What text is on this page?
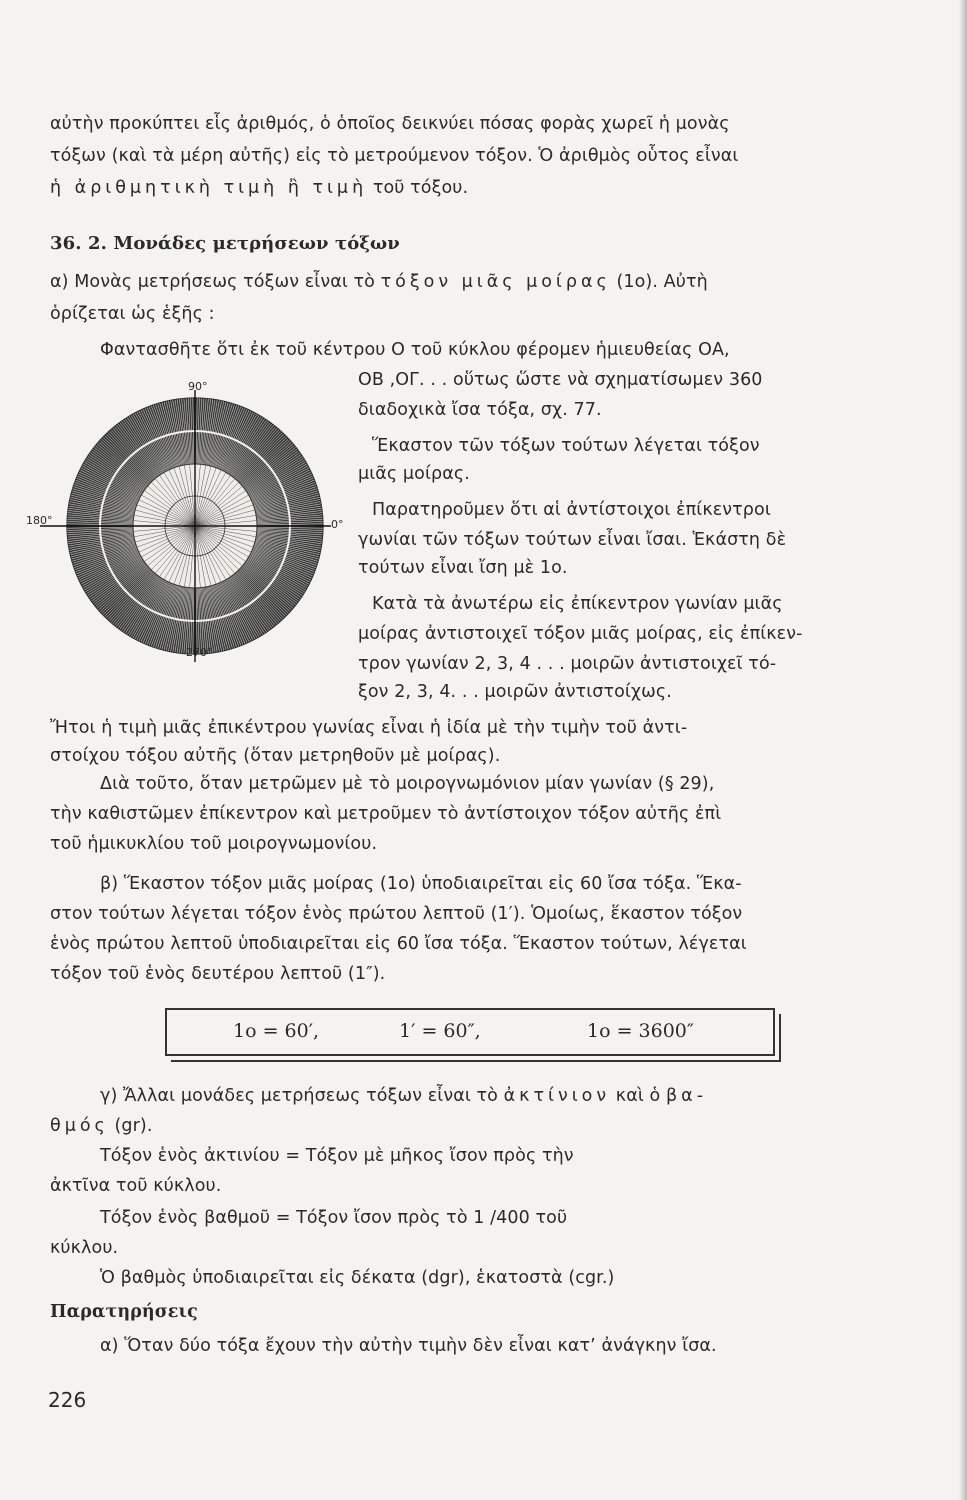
αὐτὴν προκύπτει εἷς ἀριθμός, ὁ ὁποῖος δεικνύει πόσας φορὰς χωρεῖ ἡ μονὰς
τόξων (καὶ τὰ μέρη αὐτῆς) εἰς τὸ μετρούμενον τόξον. Ὁ ἀριθμὸς οὗτος εἶναι
ἡ ἀριθμητικὴ τιμὴ ἢ τιμὴ τοῦ τόξου.
36. 2. Μονάδες μετρήσεων τόξων
α) Μονὰς μετρήσεως τόξων εἶναι τὸ τόξον μιᾶς μοίρας (1ο). Αὐτὴ
ὁρίζεται ὡς ἑξῆς :
Φαντασθῆτε ὅτι ἐκ τοῦ κέντρου Ο τοῦ κύκλου φέρομεν ἡμιευθείας ΟΑ,
ΟΒ ,ΟΓ. . . οὕτως ὥστε νὰ σχηματίσωμεν 360
διαδοχικὰ ἴσα τόξα, σχ. 77.
Ἕκαστον τῶν τόξων τούτων λέγεται τόξον
μιᾶς μοίρας.
Παρατηροῦμεν ὅτι αἱ ἀντίστοιχοι ἐπίκεντροι
γωνίαι τῶν τόξων τούτων εἶναι ἴσαι. Ἑκάστη δὲ
τούτων εἶναι ἴση μὲ 1ο.
Κατὰ τὰ ἀνωτέρω εἰς ἐπίκεντρον γωνίαν μιᾶς
μοίρας ἀντιστοιχεῖ τόξον μιᾶς μοίρας, εἰς ἐπίκεν-
τρον γωνίαν 2, 3, 4 . . . μοιρῶν ἀντιστοιχεῖ τό-
ξον 2, 3, 4. . . μοιρῶν ἀντιστοίχως.
Ἤτοι ἡ τιμὴ μιᾶς ἐπικέντρου γωνίας εἶναι ἡ ἰδία μὲ τὴν τιμὴν τοῦ ἀντι-
στοίχου τόξου αὐτῆς (ὅταν μετρηθοῦν μὲ μοίρας).
Διὰ τοῦτο, ὅταν μετρῶμεν μὲ τὸ μοιρογνωμόνιον μίαν γωνίαν (§ 29),
τὴν καθιστῶμεν ἐπίκεντρον καὶ μετροῦμεν τὸ ἀντίστοιχον τόξον αὐτῆς ἐπὶ
τοῦ ἡμικυκλίου τοῦ μοιρογνωμονίου.
β) Ἕκαστον τόξον μιᾶς μοίρας (1ο) ὑποδιαιρεῖται εἰς 60 ἴσα τόξα. Ἕκα-
στον τούτων λέγεται τόξον ἑνὸς πρώτου λεπτοῦ (1′). Ὁμοίως, ἕκαστον τόξον
ἑνὸς πρώτου λεπτοῦ ὑποδιαιρεῖται εἰς 60 ἴσα τόξα. Ἕκαστον τούτων, λέγεται
τόξον τοῦ ἑνὸς δευτέρου λεπτοῦ (1″).
1ο = 60′,	1′ = 60″,	1ο = 3600″
γ) Ἄλλαι μονάδες μετρήσεως τόξων εἶναι τὸ ἀκτίνιον καὶ ὁ βα-
θμός (gr).
Τόξον ἑνὸς ἀκτινίου = Τόξον μὲ μῆκος ἴσον πρὸς τὴν
ἀκτῖνα τοῦ κύκλου.
Τόξον ἑνὸς βαθμοῦ = Τόξον ἴσον πρὸς τὸ 1 /400 τοῦ
κύκλου.
Ὁ βαθμὸς ὑποδιαιρεῖται εἰς δέκατα (dgr), ἑκατοστὰ (cgr.)
Παρατηρήσεις
α) Ὅταν δύο τόξα ἔχουν τὴν αὐτὴν τιμὴν δὲν εἶναι κατ’ ἀνάγκην ἴσα.
226
90°
180°	0°
270°
